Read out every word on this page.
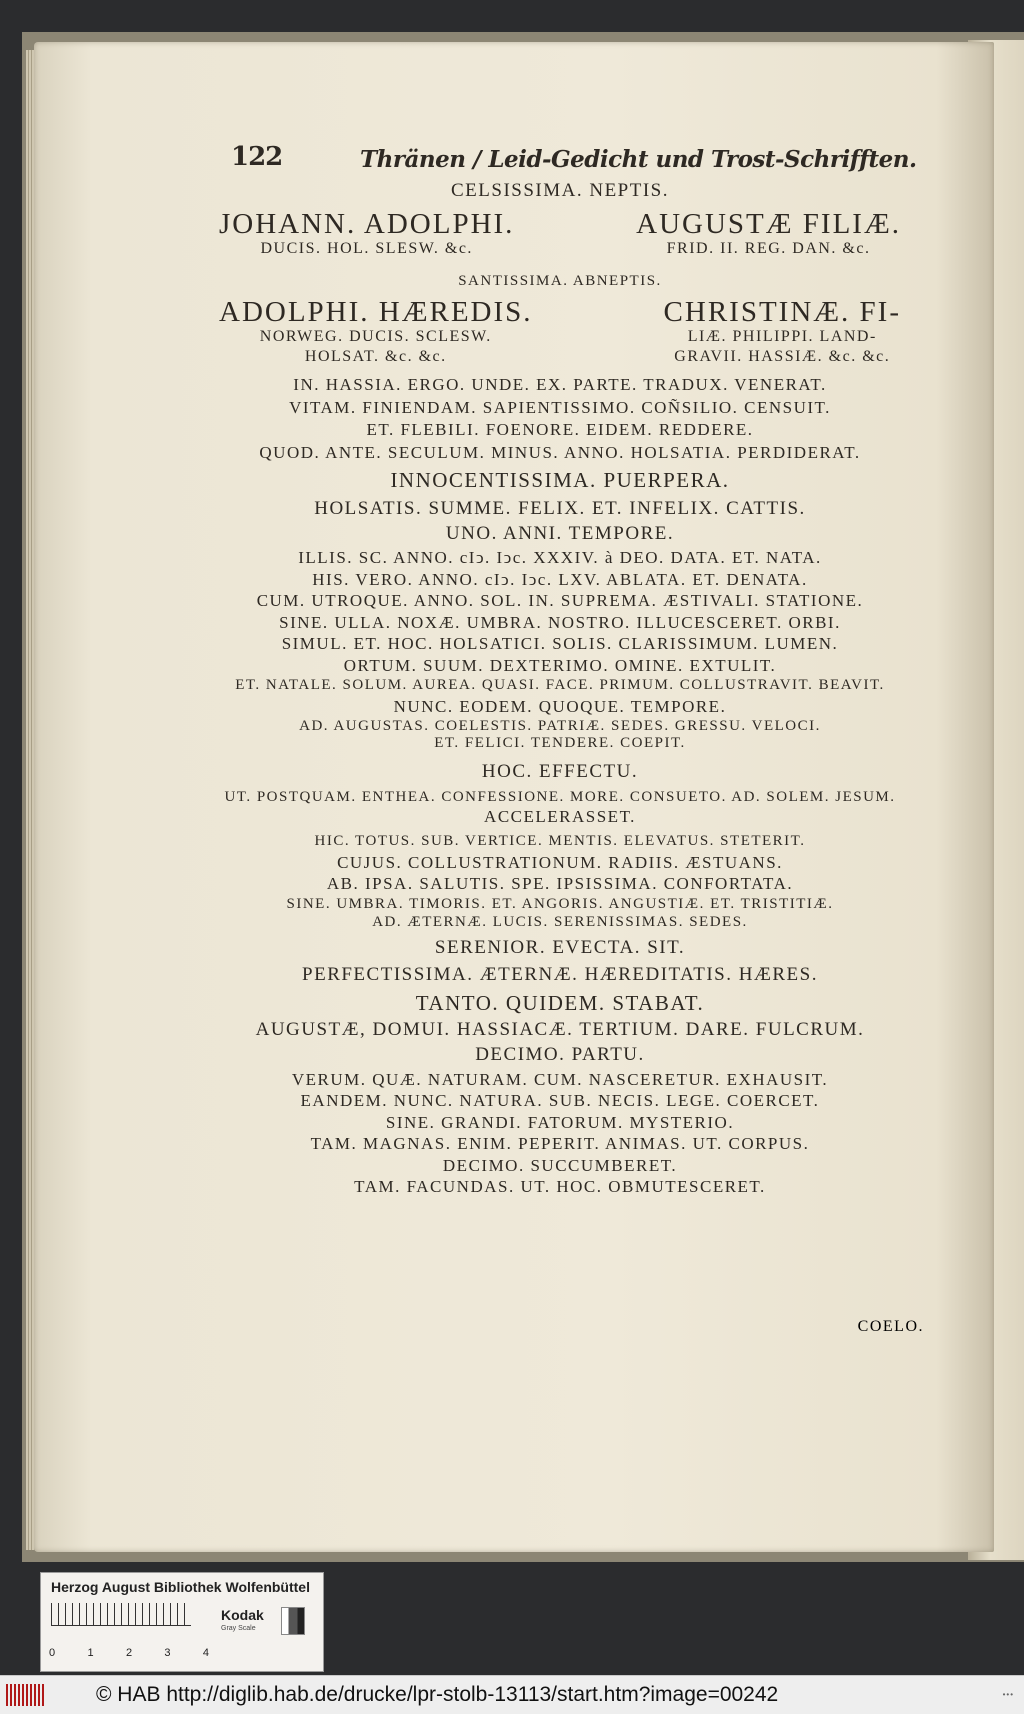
122	Thränen / Leid-Gedicht und Trost-Schrifften.
CELSISSIMA. NEPTIS.
JOHANN. ADOLPHI.
DUCIS. HOL. SLESW. &c.
AUGUSTÆ FILIÆ.
FRID. II. REG. DAN. &c.
SANTISSIMA. ABNEPTIS.
ADOLPHI. HÆREDIS.
NORWEG. DUCIS. SCLESW.
HOLSAT. &c. &c.
CHRISTINÆ. FI-
LIÆ. PHILIPPI. LAND-
GRAVII. HASSIÆ. &c. &c.
IN. HASSIA. ERGO. UNDE. EX. PARTE. TRADUX. VENERAT.
VITAM. FINIENDAM. SAPIENTISSIMO. COÑSILIO. CENSUIT.
ET. FLEBILI. FOENORE. EIDEM. REDDERE.
QUOD. ANTE. SECULUM. MINUS. ANNO. HOLSATIA. PERDIDERAT.
INNOCENTISSIMA. PUERPERA.
HOLSATIS. SUMME. FELIX. ET. INFELIX. CATTIS.
UNO. ANNI. TEMPORE.
ILLIS. SC. ANNO. cIↄ. Iↄc. XXXIV. à DEO. DATA. ET. NATA.
HIS. VERO. ANNO. cIↄ. Iↄc. LXV. ABLATA. ET. DENATA.
CUM. UTROQUE. ANNO. SOL. IN. SUPREMA. ÆSTIVALI. STATIONE.
SINE. ULLA. NOXÆ. UMBRA. NOSTRO. ILLUCESCERET. ORBI.
SIMUL. ET. HOC. HOLSATICI. SOLIS. CLARISSIMUM. LUMEN.
ORTUM. SUUM. DEXTERIMO. OMINE. EXTULIT.
ET. NATALE. SOLUM. AUREA. QUASI. FACE. PRIMUM. COLLUSTRAVIT. BEAVIT.
NUNC. EODEM. QUOQUE. TEMPORE.
AD. AUGUSTAS. COELESTIS. PATRIÆ. SEDES. GRESSU. VELOCI.
ET. FELICI. TENDERE. COEPIT.
HOC. EFFECTU.
UT. POSTQUAM. ENTHEA. CONFESSIONE. MORE. CONSUETO. AD. SOLEM. JESUM.
ACCELERASSET.
HIC. TOTUS. SUB. VERTICE. MENTIS. ELEVATUS. STETERIT.
CUJUS. COLLUSTRATIONUM. RADIIS. ÆSTUANS.
AB. IPSA. SALUTIS. SPE. IPSISSIMA. CONFORTATA.
SINE. UMBRA. TIMORIS. ET. ANGORIS. ANGUSTIÆ. ET. TRISTITIÆ.
AD. ÆTERNÆ. LUCIS. SERENISSIMAS. SEDES.
SERENIOR. EVECTA. SIT.
PERFECTISSIMA. ÆTERNÆ. HÆREDITATIS. HÆRES.
TANTO. QUIDEM. STABAT.
AUGUSTÆ, DOMUI. HASSIACÆ. TERTIUM. DARE. FULCRUM.
DECIMO. PARTU.
VERUM. QUÆ. NATURAM. CUM. NASCERETUR. EXHAUSIT.
EANDEM. NUNC. NATURA. SUB. NECIS. LEGE. COERCET.
SINE. GRANDI. FATORUM. MYSTERIO.
TAM. MAGNAS. ENIM. PEPERIT. ANIMAS. UT. CORPUS.
DECIMO. SUCCUMBERET.
TAM. FACUNDAS. UT. HOC. OBMUTESCERET.
COELO.
Herzog August Bibliothek Wolfenbüttel
0	1	2	3	4
Kodak
Gray Scale
© HAB http://diglib.hab.de/drucke/lpr-stolb-13113/start.htm?image=00242	•••
